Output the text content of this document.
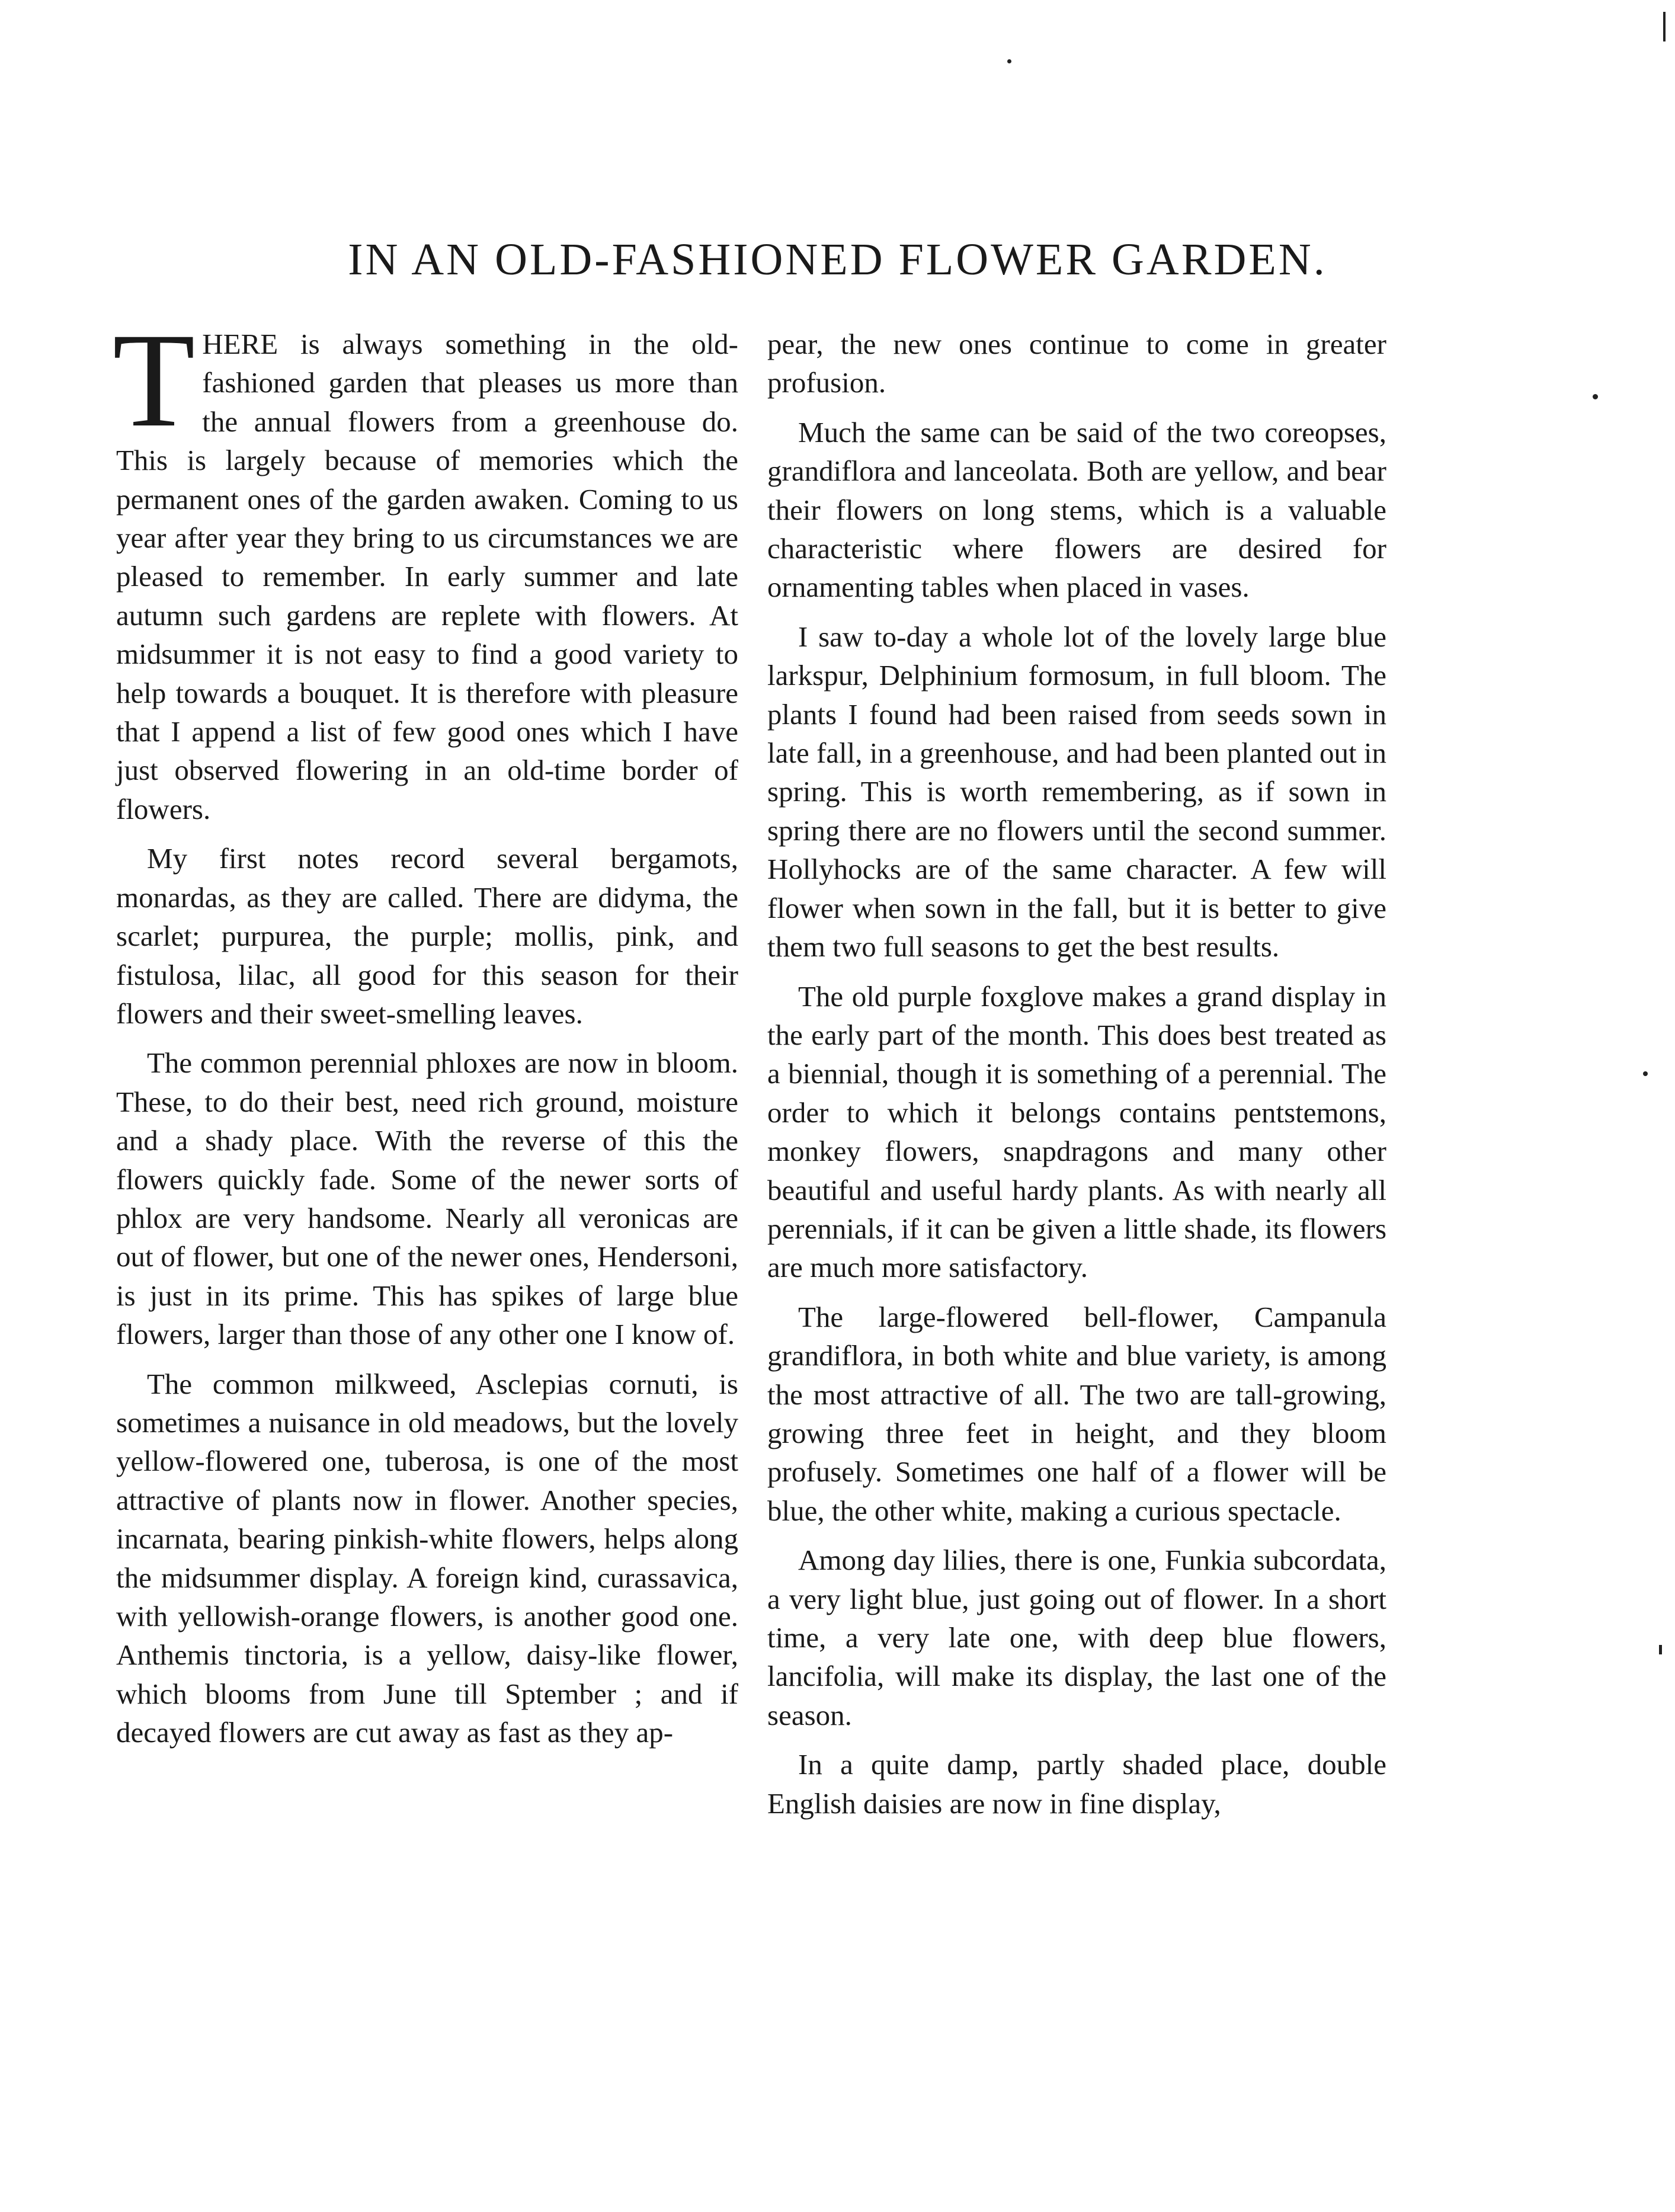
IN AN OLD-FASHIONED FLOWER GARDEN.

THERE is always something in the old-fashioned garden that pleases us more than the annual flowers from a greenhouse do. This is largely because of memories which the permanent ones of the garden awaken. Coming to us year after year they bring to us circumstances we are pleased to remember. In early summer and late autumn such gardens are replete with flowers. At midsummer it is not easy to find a good variety to help towards a bouquet. It is therefore with pleasure that I append a list of few good ones which I have just observed flowering in an old-time border of flowers.

My first notes record several bergamots, monardas, as they are called. There are didyma, the scarlet; purpurea, the purple; mollis, pink, and fistulosa, lilac, all good for this season for their flowers and their sweet-smelling leaves.

The common perennial phloxes are now in bloom. These, to do their best, need rich ground, moisture and a shady place. With the reverse of this the flowers quickly fade. Some of the newer sorts of phlox are very handsome. Nearly all veronicas are out of flower, but one of the newer ones, Hendersoni, is just in its prime. This has spikes of large blue flowers, larger than those of any other one I know of.

The common milkweed, Asclepias cornuti, is sometimes a nuisance in old meadows, but the lovely yellow-flowered one, tuberosa, is one of the most attractive of plants now in flower. Another species, incarnata, bearing pinkish-white flowers, helps along the midsummer display. A foreign kind, curassavica, with yellowish-orange flowers, is another good one. Anthemis tinctoria, is a yellow, daisy-like flower, which blooms from June till Sptember ; and if decayed flowers are cut away as fast as they ap-

pear, the new ones continue to come in greater profusion.

Much the same can be said of the two coreopses, grandiflora and lanceolata. Both are yellow, and bear their flowers on long stems, which is a valuable characteristic where flowers are desired for ornamenting tables when placed in vases.

I saw to-day a whole lot of the lovely large blue larkspur, Delphinium formosum, in full bloom. The plants I found had been raised from seeds sown in late fall, in a greenhouse, and had been planted out in spring. This is worth remembering, as if sown in spring there are no flowers until the second summer. Hollyhocks are of the same character. A few will flower when sown in the fall, but it is better to give them two full seasons to get the best results.

The old purple foxglove makes a grand display in the early part of the month. This does best treated as a biennial, though it is something of a perennial. The order to which it belongs contains pentstemons, monkey flowers, snapdragons and many other beautiful and useful hardy plants. As with nearly all perennials, if it can be given a little shade, its flowers are much more satisfactory.

The large-flowered bell-flower, Campanula grandiflora, in both white and blue variety, is among the most attractive of all. The two are tall-growing, growing three feet in height, and they bloom profusely. Sometimes one half of a flower will be blue, the other white, making a curious spectacle.

Among day lilies, there is one, Funkia subcordata, a very light blue, just going out of flower. In a short time, a very late one, with deep blue flowers, lancifolia, will make its display, the last one of the season.

In a quite damp, partly shaded place, double English daisies are now in fine display,
